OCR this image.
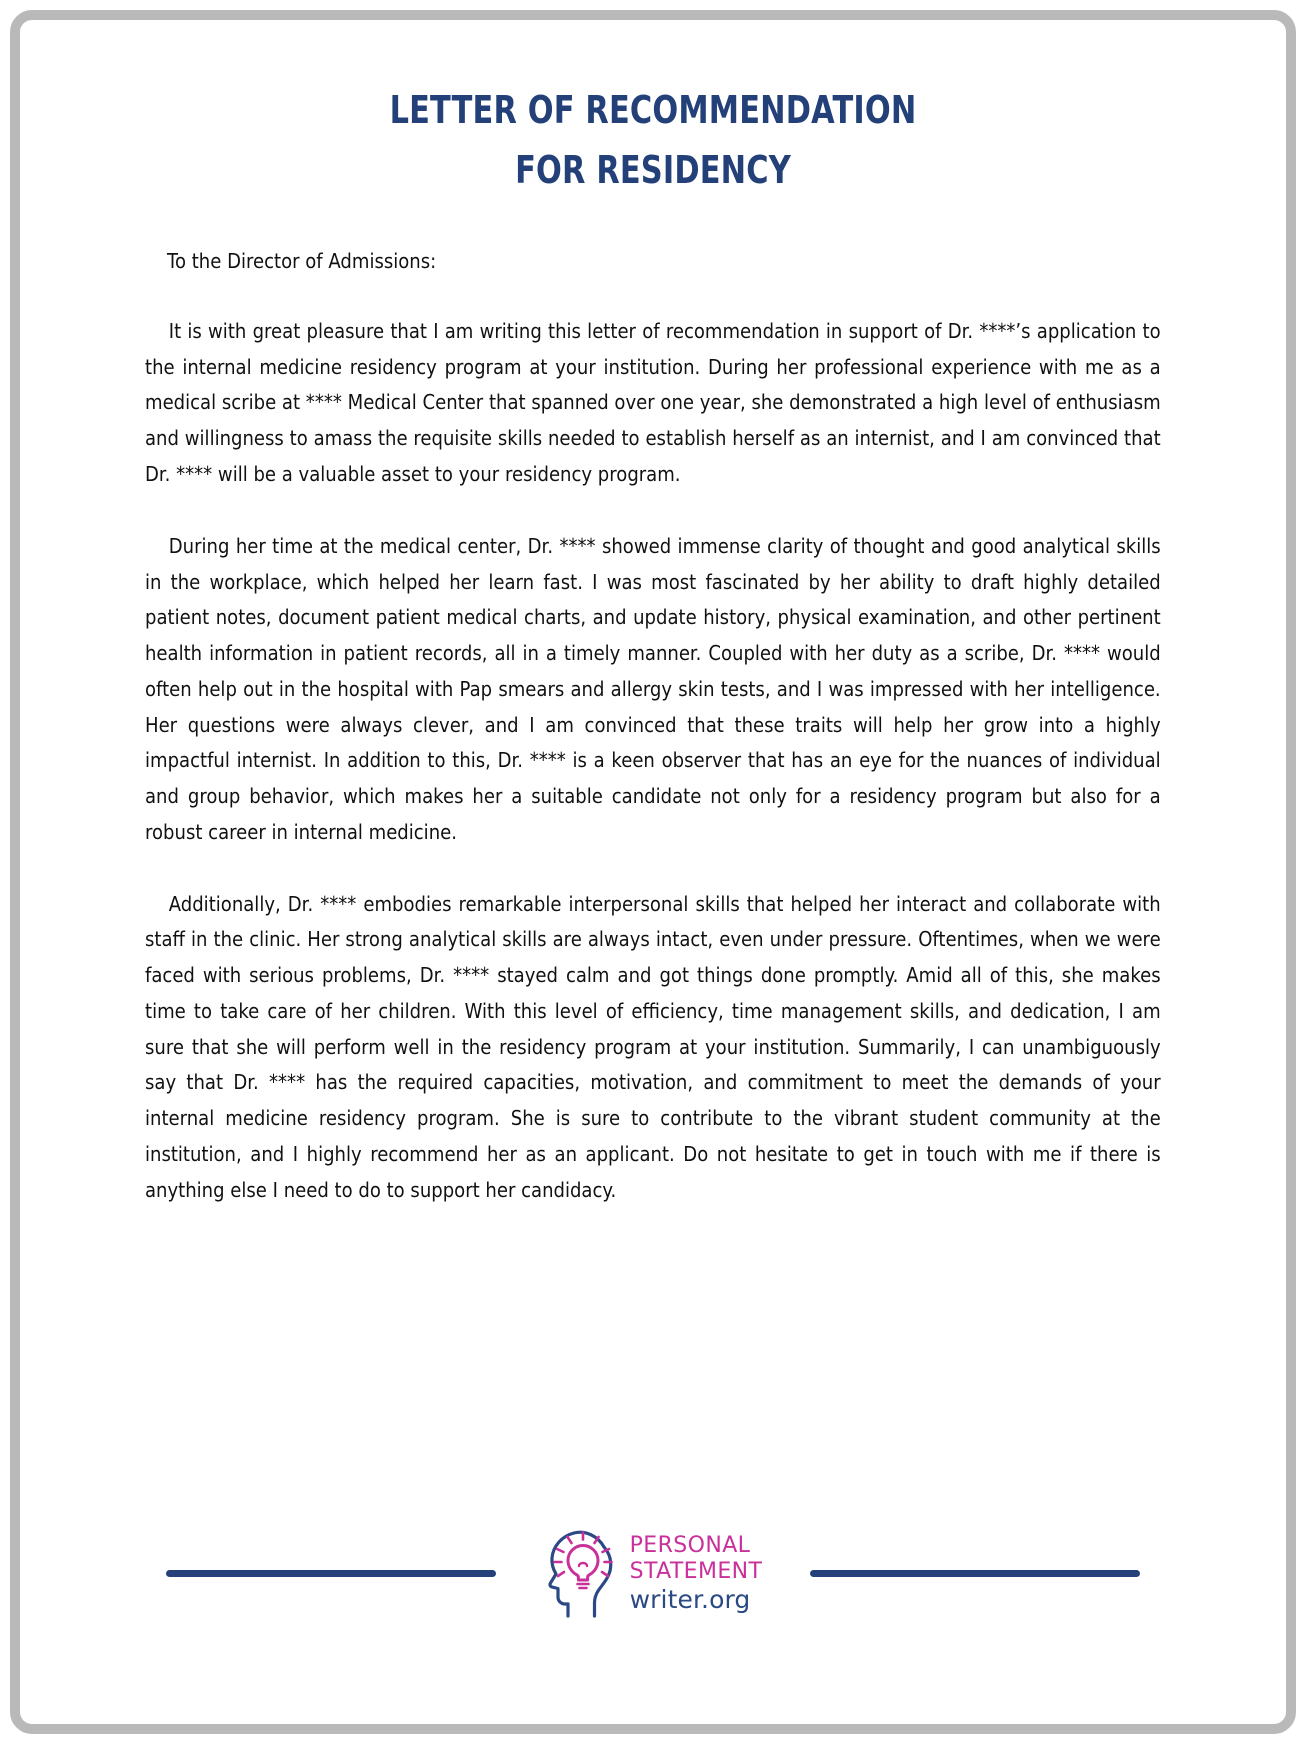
LETTER OF RECOMMENDATION
FOR RESIDENCY

To the Director of Admissions:

It is with great pleasure that I am writing this letter of recommendation in support of Dr. ****’s application to the internal medicine residency program at your institution. During her professional experience with me as a medical scribe at **** Medical Center that spanned over one year, she demonstrated a high level of enthusiasm and willingness to amass the requisite skills needed to establish herself as an internist, and I am convinced that Dr. **** will be a valuable asset to your residency program.

During her time at the medical center, Dr. **** showed immense clarity of thought and good analytical skills in the workplace, which helped her learn fast. I was most fascinated by her ability to draft highly detailed patient notes, document patient medical charts, and update history, physical examination, and other pertinent health information in patient records, all in a timely manner. Coupled with her duty as a scribe, Dr. **** would often help out in the hospital with Pap smears and allergy skin tests, and I was impressed with her intelligence. Her questions were always clever, and I am convinced that these traits will help her grow into a highly impactful internist. In addition to this, Dr. **** is a keen observer that has an eye for the nuances of individual and group behavior, which makes her a suitable candidate not only for a residency program but also for a robust career in internal medicine.

Additionally, Dr. **** embodies remarkable interpersonal skills that helped her interact and collaborate with staff in the clinic. Her strong analytical skills are always intact, even under pressure. Oftentimes, when we were faced with serious problems, Dr. **** stayed calm and got things done promptly. Amid all of this, she makes time to take care of her children. With this level of efficiency, time management skills, and dedication, I am sure that she will perform well in the residency program at your institution. Summarily, I can unambiguously say that Dr. **** has the required capacities, motivation, and commitment to meet the demands of your internal medicine residency program. She is sure to contribute to the vibrant student community at the institution, and I highly recommend her as an applicant. Do not hesitate to get in touch with me if there is anything else I need to do to support her candidacy.

PERSONAL
STATEMENT
writer.org
